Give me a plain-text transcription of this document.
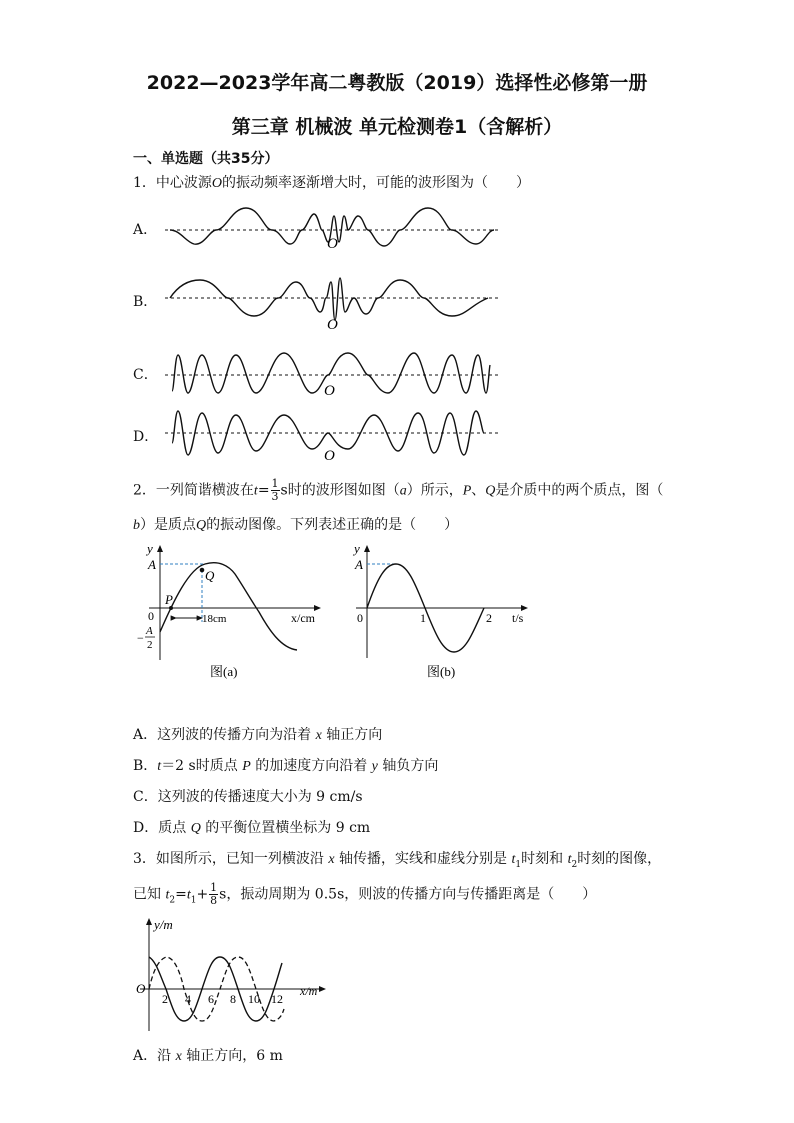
2022—2023学年高二粤教版（2019）选择性必修第一册
第三章 机械波 单元检测卷1（含解析）
一、单选题（共35分）
1．中心波源O的振动频率逐渐增大时，可能的波形图为（　　）
A．
B．
C．
D．
O
O
O
O
2．一列简谐横波在$t= \frac{1}{3}$ s时的波形图如图（a）所示，P、Q是介质中的两个质点，图（
b）是质点Q的振动图像。下列表述正确的是（　　）
y
A
0
− A
2
P
Q
18cm	x/cm
图(a)
y
A
0	1	2 t/s
图(b)
A．这列波的传播方向为沿着 x 轴正方向
B．t＝2 s时质点 P 的加速度方向沿着 y 轴负方向
C．这列波的传播速度大小为 9 cm/s
D．质点 Q 的平衡位置横坐标为 9 cm
3．如图所示，已知一列横波沿 x 轴传播，实线和虚线分别是 $t_1$时刻和 $t_2$时刻的图像，
已知 $t_2=t_1+ \frac{1}{8}$ s，振动周期为 0.5s，则波的传播方向与传播距离是（　　）
y/m
O
2 4 6 8 10 12
x/m
A．沿 x 轴正方向，6 m
